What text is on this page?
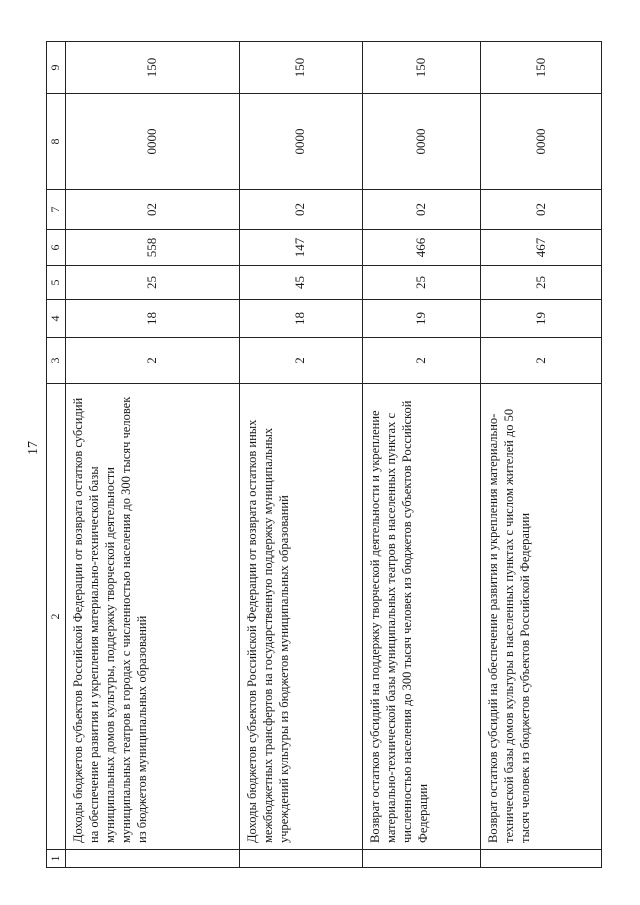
17
1	2	3	4	5	6	7	8	9
	Доходы бюджетов субъектов Российской Федерации от возврата остатков субсидий на обеспечение развития и укрепления материально-технической базы муниципальных домов культуры, поддержку творческой деятельности муниципальных театров в городах с численностью населения до 300 тысяч человек из бюджетов муниципальных образований	2	18	25	558	02	0000	150
	Доходы бюджетов субъектов Российской Федерации от возврата остатков иных межбюджетных трансфертов на государственную поддержку муниципальных учреждений культуры из бюджетов муниципальных образований	2	18	45	147	02	0000	150
	Возврат остатков субсидий на поддержку творческой деятельности и укрепление материально-технической базы муниципальных театров в населенных пунктах с численностью населения до 300 тысяч человек из бюджетов субъектов Российской Федерации	2	19	25	466	02	0000	150
	Возврат остатков субсидий на обеспечение развития и укрепления материально-технической базы домов культуры в населенных пунктах с числом жителей до 50 тысяч человек из бюджетов субъектов Российской Федерации	2	19	25	467	02	0000	150
